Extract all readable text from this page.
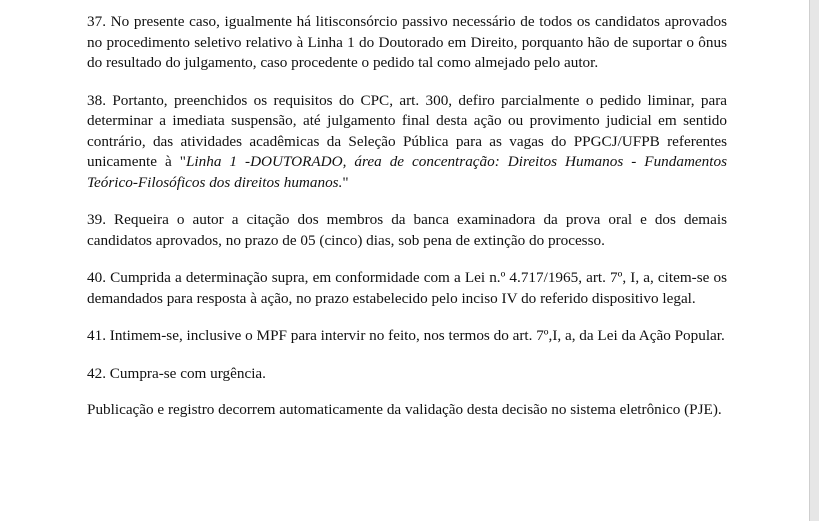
37. No presente caso, igualmente há litisconsórcio passivo necessário de todos os candidatos aprovados no procedimento seletivo relativo à Linha 1 do Doutorado em Direito, porquanto hão de suportar o ônus do resultado do julgamento, caso procedente o pedido tal como almejado pelo autor.

38. Portanto, preenchidos os requisitos do CPC, art. 300, defiro parcialmente o pedido liminar, para determinar a imediata suspensão, até julgamento final desta ação ou provimento judicial em sentido contrário, das atividades acadêmicas da Seleção Pública para as vagas do PPGCJ/UFPB referentes unicamente à "Linha 1 -DOUTORADO, área de concentração: Direitos Humanos - Fundamentos Teórico-Filosóficos dos direitos humanos."

39. Requeira o autor a citação dos membros da banca examinadora da prova oral e dos demais candidatos aprovados, no prazo de 05 (cinco) dias, sob pena de extinção do processo.

40. Cumprida a determinação supra, em conformidade com a Lei n.º 4.717/1965, art. 7º, I, a, citem-se os demandados para resposta à ação, no prazo estabelecido pelo inciso IV do referido dispositivo legal.

41. Intimem-se, inclusive o MPF para intervir no feito, nos termos do art. 7º,I, a, da Lei da Ação Popular.

42. Cumpra-se com urgência.

Publicação e registro decorrem automaticamente da validação desta decisão no sistema eletrônico (PJE).
